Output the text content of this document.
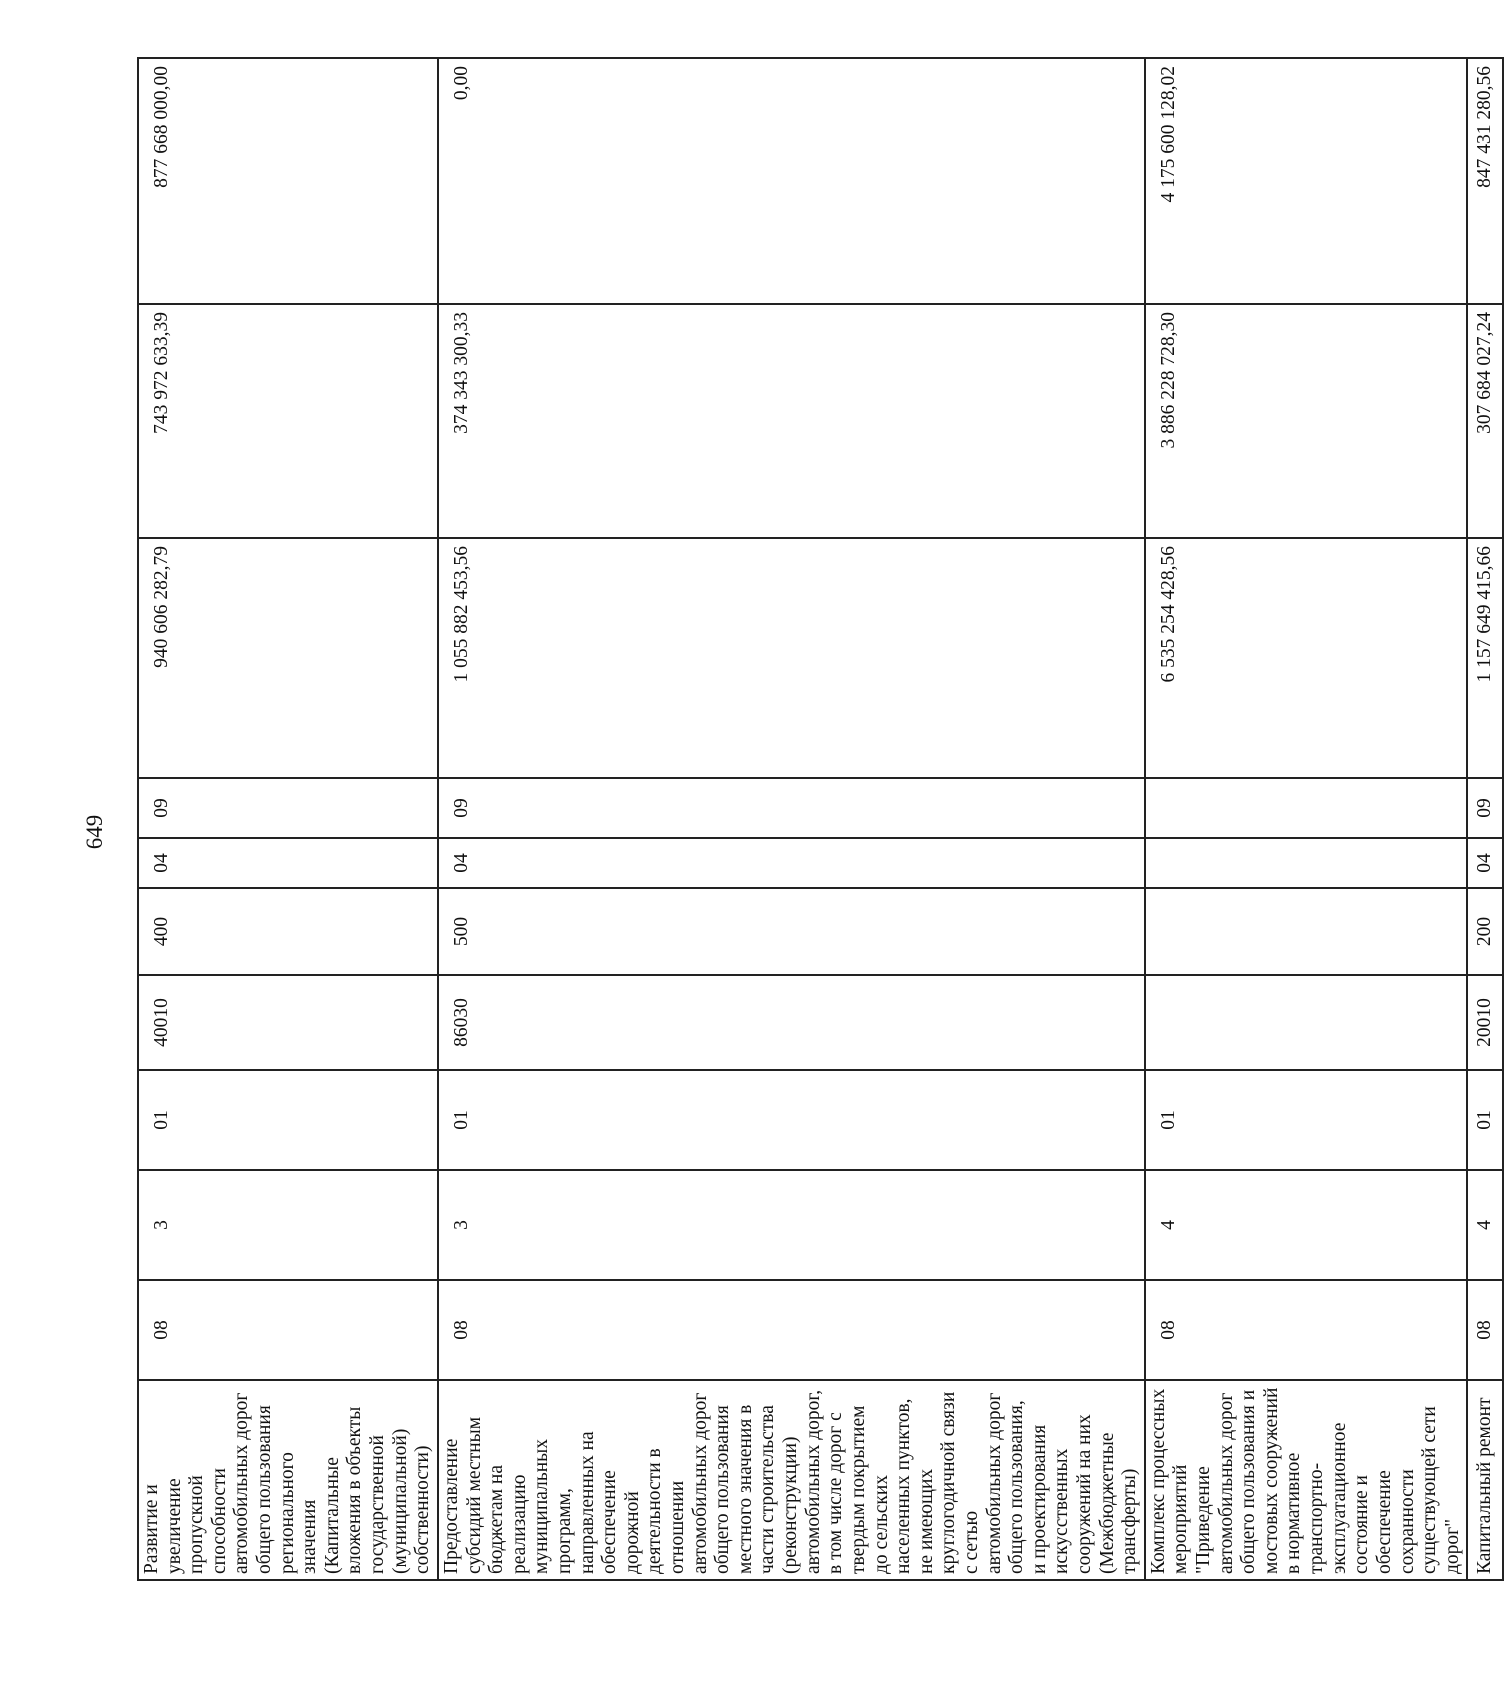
649
Развитие и увеличение пропускной способности автомобильных дорог общего пользования регионального значения (Капитальные вложения в объекты государственной (муниципальной) собственности)	08	3	01	40010	400	04	09	940 606 282,79	743 972 633,39	877 668 000,00
Предоставление субсидий местным бюджетам на реализацию муниципальных программ, направленных на обеспечение дорожной деятельности в отношении автомобильных дорог общего пользования местного значения в части строительства (реконструкции) автомобильных дорог, в том числе дорог с твердым покрытием до сельских населенных пунктов, не имеющих круглогодичной связи с сетью автомобильных дорог общего пользования, и проектирования искусственных сооружений на них (Межбюджетные трансферты)	08	3	01	86030	500	04	09	1 055 882 453,56	374 343 300,33	0,00
Комплекс процессных мероприятий "Приведение автомобильных дорог общего пользования и мостовых сооружений в нормативное транспортно-эксплуатационное состояние и обеспечение сохранности существующей сети дорог"	08	4	01					6 535 254 428,56	3 886 228 728,30	4 175 600 128,02
Капитальный ремонт	08	4	01	20010	200	04	09	1 157 649 415,66	307 684 027,24	847 431 280,56
